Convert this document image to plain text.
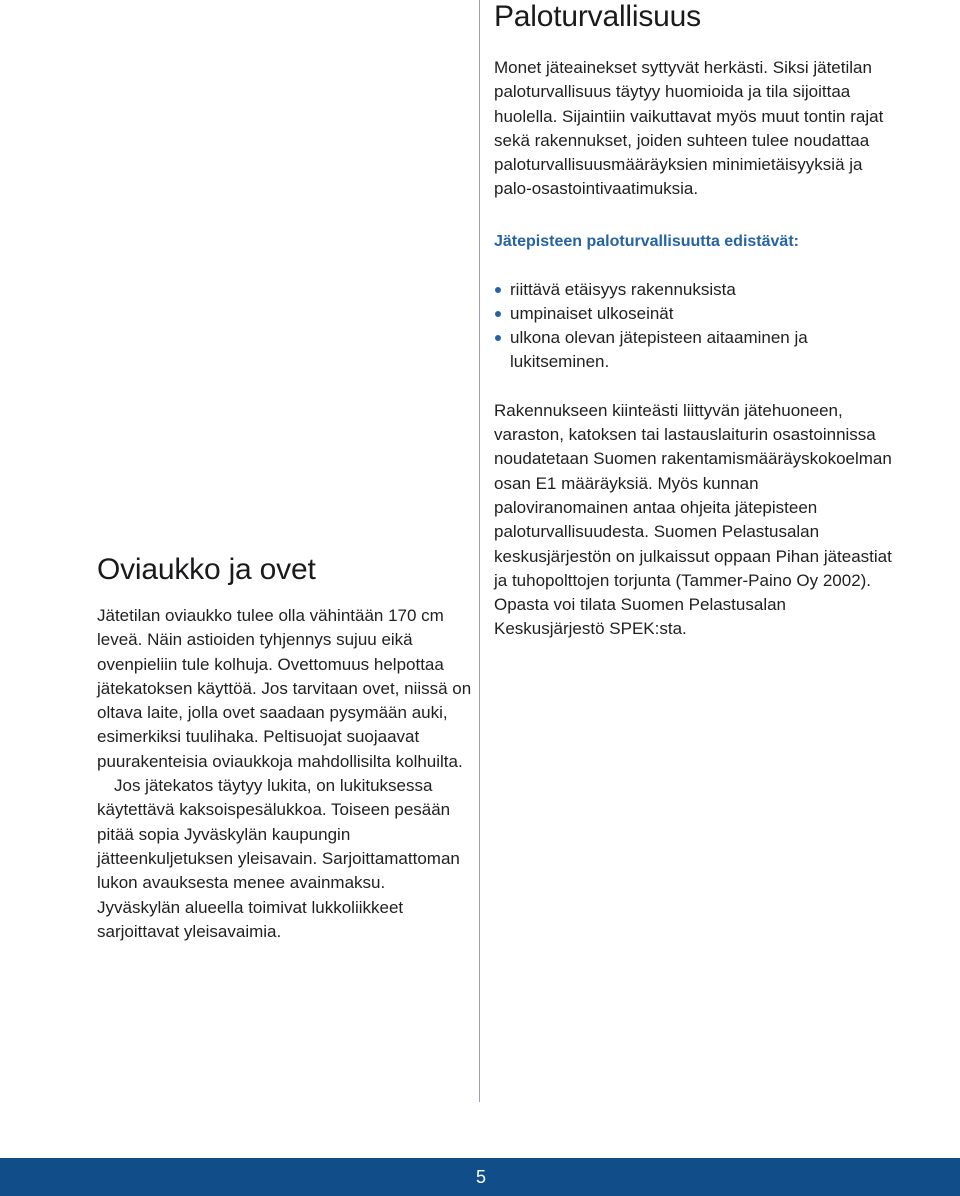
Paloturvallisuus

Monet jäteainekset syttyvät herkästi. Siksi jätetilan paloturvallisuus täytyy huomioida ja tila sijoittaa huolella. Sijaintiin vaikuttavat myös muut tontin rajat sekä rakennukset, joiden suhteen tulee noudattaa paloturvallisuusmääräyksien minimietäisyyksiä ja palo-osastointivaatimuksia.

Jätepisteen paloturvallisuutta edistävät:
riittävä etäisyys rakennuksista
umpinaiset ulkoseinät
ulkona olevan jätepisteen aitaaminen ja lukitseminen.

Rakennukseen kiinteästi liittyvän jätehuoneen, varaston, katoksen tai lastauslaiturin osastoinnissa noudatetaan Suomen rakentamismääräyskokoelman osan E1 määräyksiä. Myös kunnan paloviranomainen antaa ohjeita jätepisteen paloturvallisuudesta. Suomen Pelastusalan keskusjärjestön on julkaissut oppaan Pihan jäteastiat ja tuhopolttojen torjunta (Tammer-Paino Oy 2002). Opasta voi tilata Suomen Pelastusalan Keskusjärjestö SPEK:sta.

Oviaukko ja ovet

Jätetilan oviaukko tulee olla vähintään 170 cm leveä. Näin astioiden tyhjennys sujuu eikä ovenpieliin tule kolhuja. Ovettomuus helpottaa jätekatoksen käyttöä. Jos tarvitaan ovet, niissä on oltava laite, jolla ovet saadaan pysymään auki, esimerkiksi tuulihaka. Peltisuojat suojaavat puurakenteisia oviaukkoja mahdollisilta kolhuilta.

Jos jätekatos täytyy lukita, on lukituksessa käytettävä kaksoispesälukkoa. Toiseen pesään pitää sopia Jyväskylän kaupungin jätteenkuljetuksen yleisavain. Sarjoittamattoman lukon avauksesta menee avainmaksu. Jyväskylän alueella toimivat lukkoliikkeet sarjoittavat yleisavaimia.

5
